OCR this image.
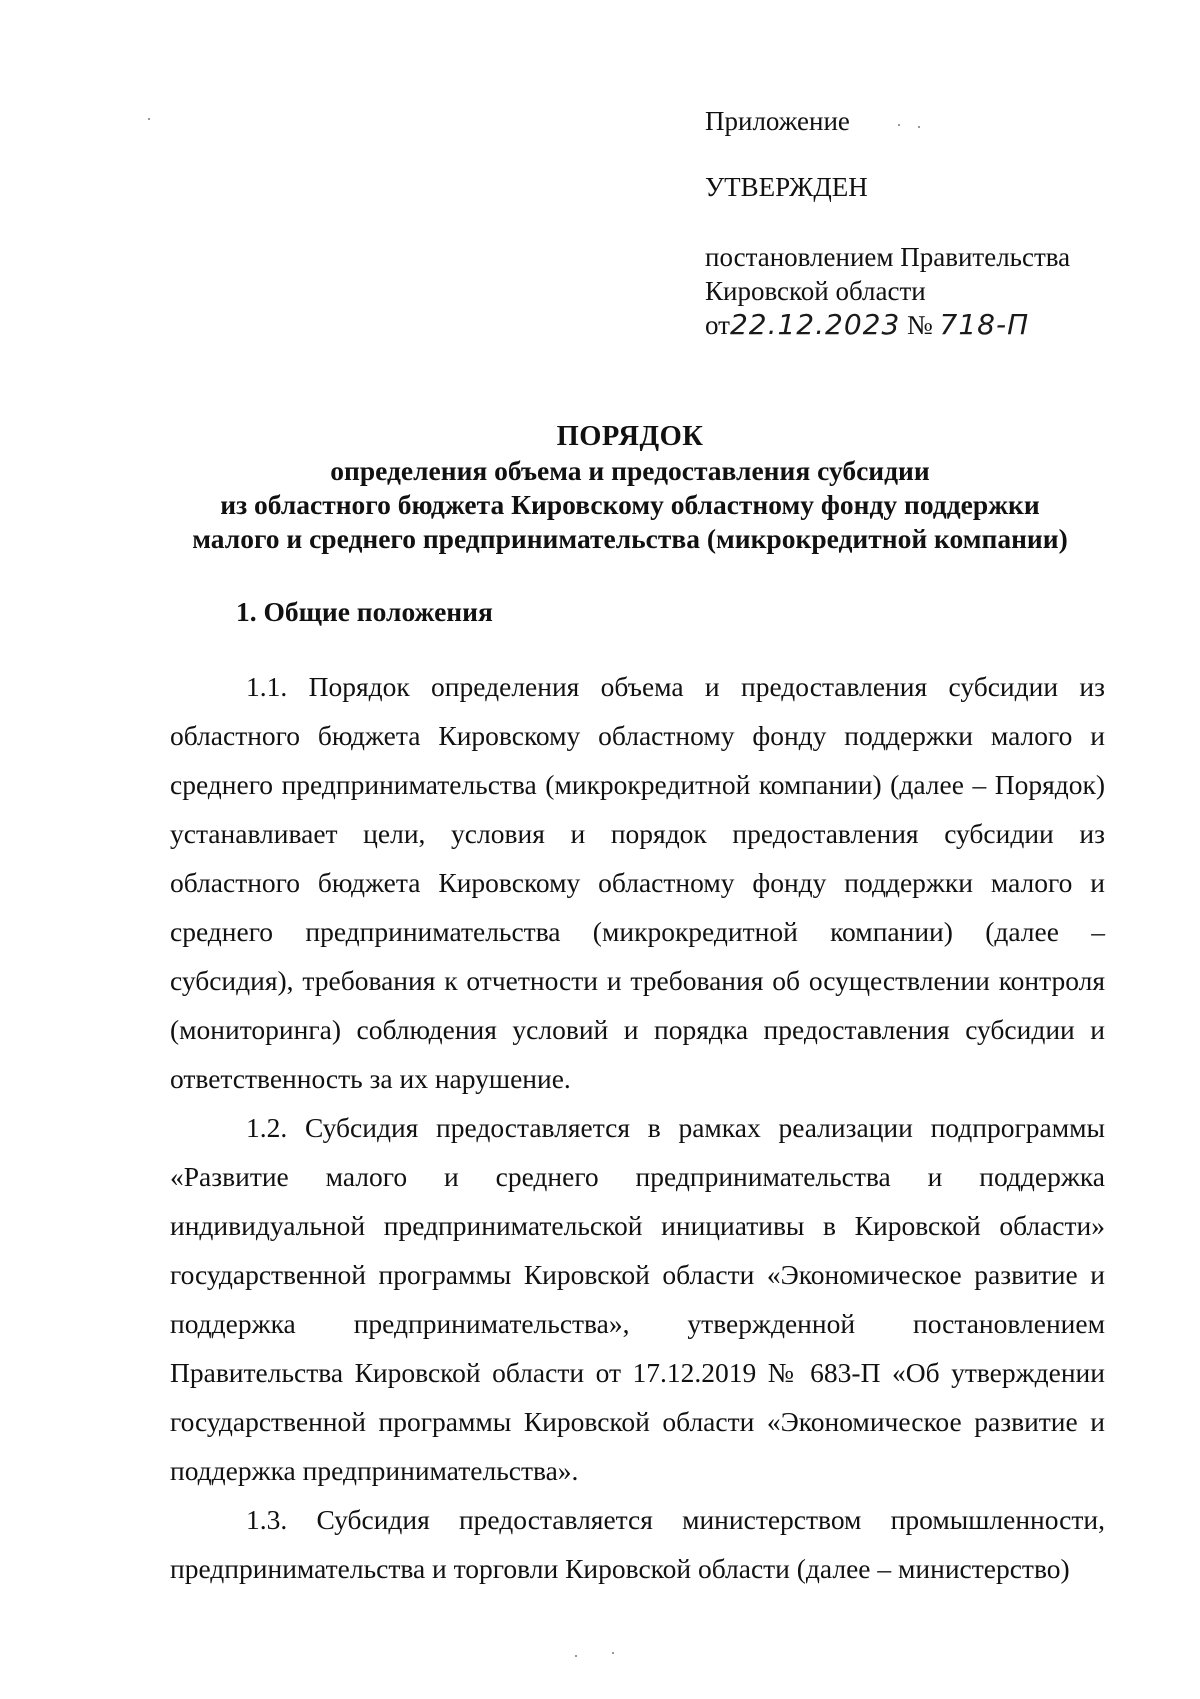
Приложение
УТВЕРЖДЕН
постановлением Правительства
Кировской области
от22.12.2023 № 718-П
ПОРЯДОК
определения объема и предоставления субсидии
из областного бюджета Кировскому областному фонду поддержки
малого и среднего предпринимательства (микрокредитной компании)
1. Общие положения

1.1. Порядок определения объема и предоставления субсидии из областного бюджета Кировскому областному фонду поддержки малого и среднего предпринимательства (микрокредитной компании) (далее – Порядок) устанавливает цели, условия и порядок предоставления субсидии из областного бюджета Кировскому областному фонду поддержки малого и среднего предпринимательства (микрокредитной компании) (далее – субсидия), требования к отчетности и требования об осуществлении контроля (мониторинга) соблюдения условий и порядка предоставления субсидии и ответственность за их нарушение.

1.2. Субсидия предоставляется в рамках реализации подпрограммы «Развитие малого и среднего предпринимательства и поддержка индивидуальной предпринимательской инициативы в Кировской области» государственной программы Кировской области «Экономическое развитие и поддержка предпринимательства», утвержденной постановлением Правительства Кировской области от 17.12.2019 № 683-П «Об утверждении государственной программы Кировской области «Экономическое развитие и поддержка предпринимательства».

1.3. Субсидия предоставляется министерством промышленности, предпринимательства и торговли Кировской области (далее – министерство)
